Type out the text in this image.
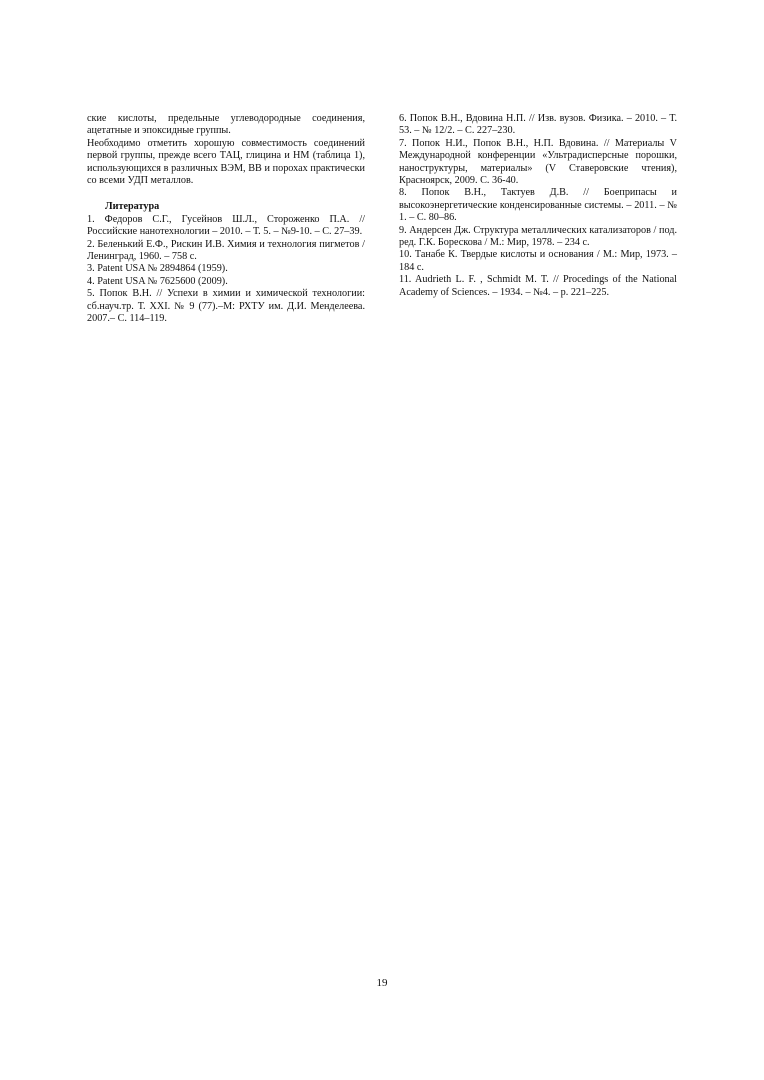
ские кислоты, предельные углеводородные соединения, ацетатные и эпоксидные группы.

Необходимо отметить хорошую совместимость соединений первой группы, прежде всего ТАЦ, глицина и НМ (таблица 1), использующихся в различных ВЭМ, ВВ и порохах практически со всеми УДП металлов.

Литература

1. Федоров С.Г., Гусейнов Ш.Л., Стороженко П.А. // Российские нанотехнологии – 2010. – Т. 5. – №9-10. – С. 27–39.

2. Беленький Е.Ф., Рискин И.В. Химия и технология пигметов / Ленинград, 1960. – 758 с.

3. Patent USA № 2894864 (1959).

4. Patent USA № 7625600 (2009).

5. Попок В.Н. // Успехи в химии и химической технологии: сб.науч.тр. Т. XXI. № 9 (77).–М: РХТУ им. Д.И. Менделеева. 2007.– С. 114–119.

6. Попок В.Н., Вдовина Н.П. // Изв. вузов. Физика. – 2010. – Т. 53. – № 12/2. – С. 227–230.

7. Попок Н.И., Попок В.Н., Н.П. Вдовина. // Материалы V Международной конференции «Ультрадисперсные порошки, наноструктуры, материалы» (V Ставеровские чтения), Красноярск, 2009. С. 36-40.

8. Попок В.Н., Тактуев Д.В. // Боеприпасы и высокоэнергетические конденсированные системы. – 2011. – № 1. – С. 80–86.

9. Андерсен Дж. Структура металлических катализаторов / под. ред. Г.К. Борескова / М.: Мир, 1978. – 234 с.

10. Танабе К. Твердые кислоты и основания / М.: Мир, 1973. – 184 с.

11. Audrieth L. F. , Schmidt M. T. // Procedings of the National Academy of Sciences. – 1934. – №4. – p. 221–225.

19
